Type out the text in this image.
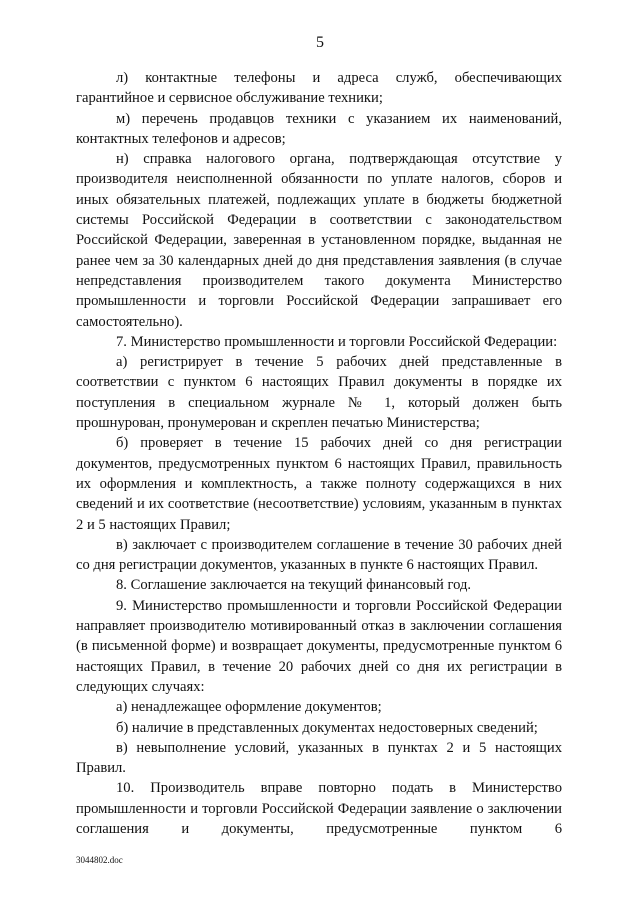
5

л) контактные телефоны и адреса служб, обеспечивающих гарантийное и сервисное обслуживание техники;

м) перечень продавцов техники с указанием их наименований, контактных телефонов и адресов;

н) справка налогового органа, подтверждающая отсутствие у производителя неисполненной обязанности по уплате налогов, сборов и иных обязательных платежей, подлежащих уплате в бюджеты бюджетной системы Российской Федерации в соответствии с законодательством Российской Федерации, заверенная в установленном порядке, выданная не ранее чем за 30 календарных дней до дня представления заявления (в случае непредставления производителем такого документа Министерство промышленности и торговли Российской Федерации запрашивает его самостоятельно).

7. Министерство промышленности и торговли Российской Федерации:

а) регистрирует в течение 5 рабочих дней представленные в соответствии с пунктом 6 настоящих Правил документы в порядке их поступления в специальном журнале № 1, который должен быть прошнурован, пронумерован и скреплен печатью Министерства;

б) проверяет в течение 15 рабочих дней со дня регистрации документов, предусмотренных пунктом 6 настоящих Правил, правильность их оформления и комплектность, а также полноту содержащихся в них сведений и их соответствие (несоответствие) условиям, указанным в пунктах 2 и 5 настоящих Правил;

в) заключает с производителем соглашение в течение 30 рабочих дней со дня регистрации документов, указанных в пункте 6 настоящих Правил.

8. Соглашение заключается на текущий финансовый год.

9. Министерство промышленности и торговли Российской Федерации направляет производителю мотивированный отказ в заключении соглашения (в письменной форме) и возвращает документы, предусмотренные пунктом 6 настоящих Правил, в течение 20 рабочих дней со дня их регистрации в следующих случаях:

а) ненадлежащее оформление документов;

б) наличие в представленных документах недостоверных сведений;

в) невыполнение условий, указанных в пунктах 2 и 5 настоящих Правил.

10. Производитель вправе повторно подать в Министерство промышленности и торговли Российской Федерации заявление о заключении соглашения и документы, предусмотренные пунктом 6

3044802.doc
